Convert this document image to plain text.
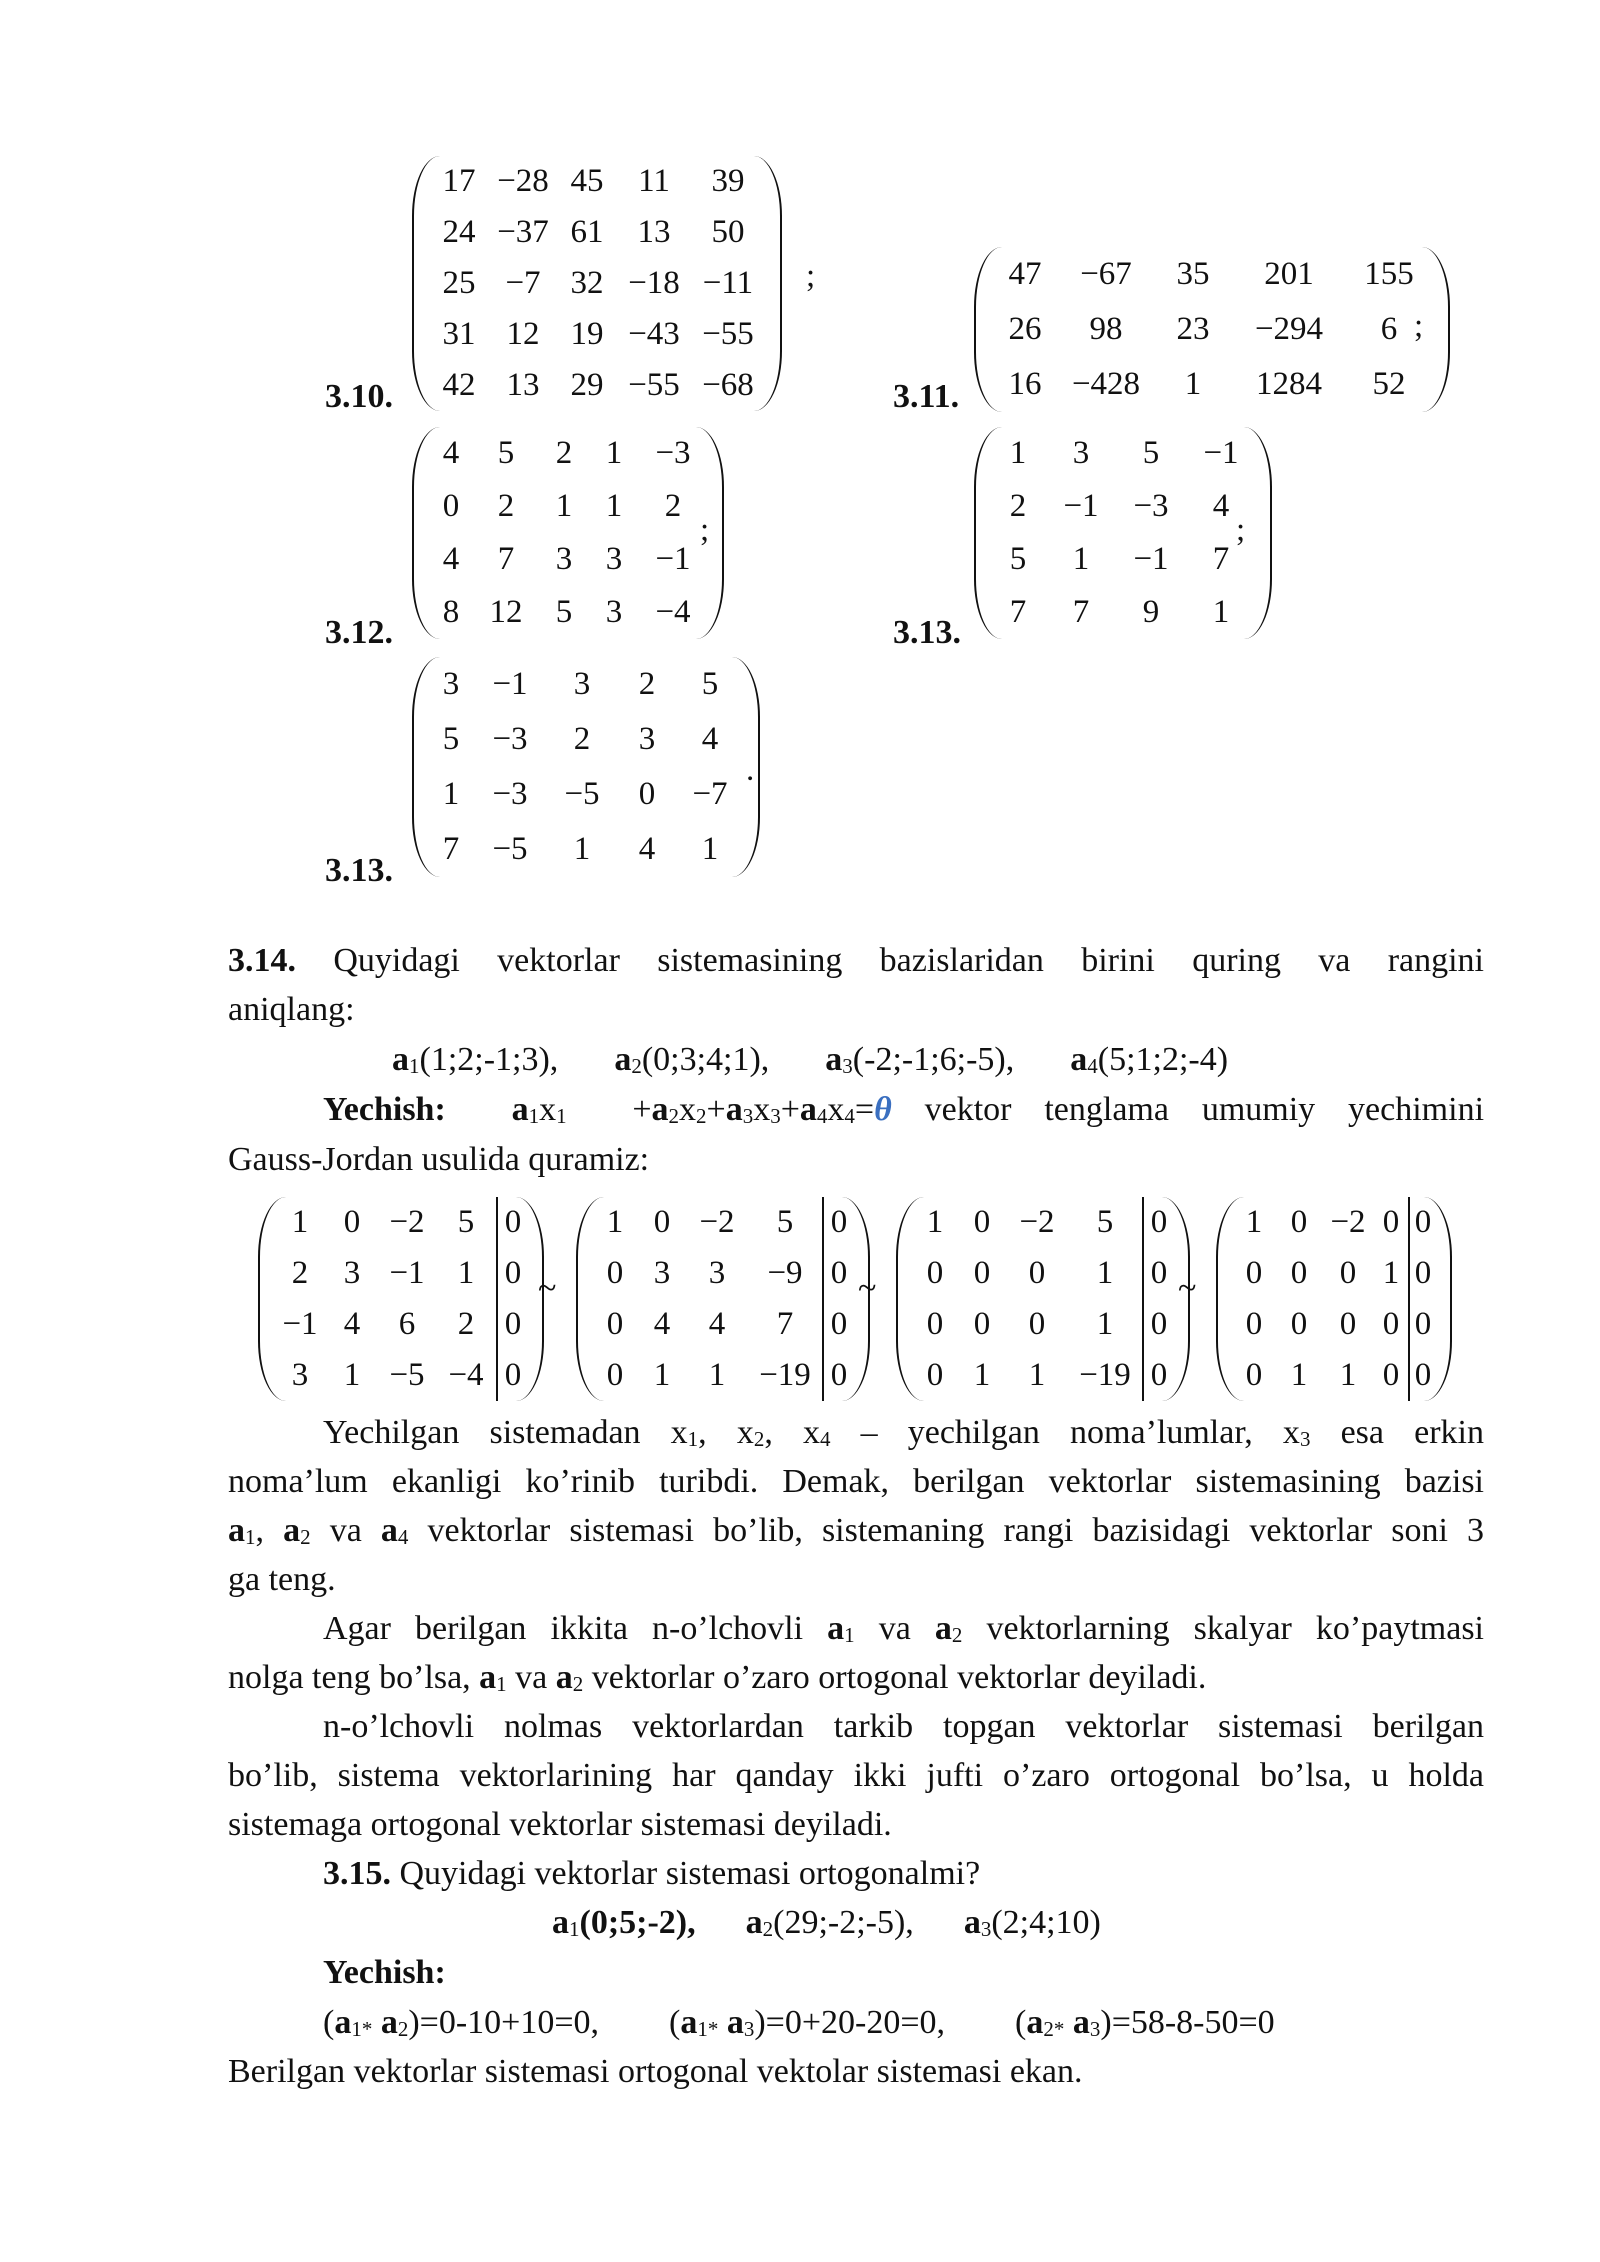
3.10.
17	−28	45	11	39
24	−37	61	13	50
25	−7	32	−18	−11
31	12	19	−43	−55
42	13	29	−55	−68
;
3.11.
47	−67	35	201	155
26	98	23	−294	6
16	−428	1	1284	52
;
3.12.
4	5	2	1	−3
0	2	1	1	2
4	7	3	3	−1
8	12	5	3	−4
;
3.13.
1	3	5	−1
2	−1	−3	4
5	1	−1	7
7	7	9	1
;
3.13.
3	−1	3	2	5
5	−3	2	3	4
1	−3	−5	0	−7
7	−5	1	4	1
.
3.14. Quyidagi vektorlar sistemasining bazislaridan birini quring va rangini
aniqlang:
$a_1(1;2;-1;3)$, $a_2(0;3;4;1)$, $a_3(-2;-1;6;-5)$, $a_4(5;1;2;-4)$
Yechish: $a_1x_1 +a_2x_2+a_3x_3+a_4x_4=\theta$ vektor tenglama umumiy yechimini
Gauss-Jordan usulida quramiz:
1	0	−2	5	0
2	3	−1	1	0
−1	4	6	2	0
3	1	−5	−4	0
~
1	0	−2	5	0
0	3	3	−9	0
0	4	4	7	0
0	1	1	−19	0
~
1	0	−2	5	0
0	0	0	1	0
0	0	0	1	0
0	1	1	−19	0
~
1	0	−2	0	0
0	0	0	1	0
0	0	0	0	0
0	1	1	0	0
Yechilgan sistemadan $x_1$, $x_2$, $x_4$ – yechilgan noma’lumlar, $x_3$ esa erkin
noma’lum ekanligi ko’rinib turibdi. Demak, berilgan vektorlar sistemasining bazisi
$a_1$, $a_2$ va $a_4$ vektorlar sistemasi bo’lib, sistemaning rangi bazisidagi vektorlar soni 3
ga teng.
Agar berilgan ikkita n-o’lchovli $a_1$ va $a_2$ vektorlarning skalyar ko’paytmasi
nolga teng bo’lsa, $a_1$ va $a_2$ vektorlar o’zaro ortogonal vektorlar deyiladi.
n-o’lchovli nolmas vektorlardan tarkib topgan vektorlar sistemasi berilgan
bo’lib, sistema vektorlarining har qanday ikki jufti o’zaro ortogonal bo’lsa, u holda
sistemaga ortogonal vektorlar sistemasi deyiladi.
3.15. Quyidagi vektorlar sistemasi ortogonalmi?
$a_1(0;5;-2)$, $a_2(29;-2;-5)$, $a_3(2;4;10)$
Yechish:
($a_{1*}$ $a_2)=0-10+10=0$, ($a_{1*}$ $a_3)=0+20-20=0$, ($a_{2*}$ $a_3)=58-8-50=0$
Berilgan vektorlar sistemasi ortogonal vektolar sistemasi ekan.
